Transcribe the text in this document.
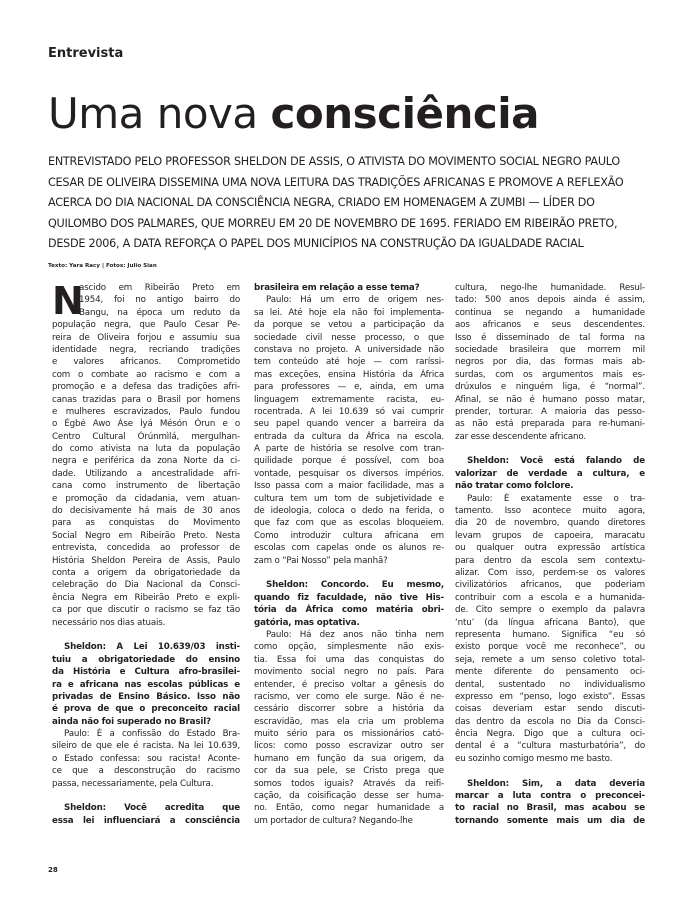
Entrevista
Uma nova consciência
ENTREVISTADO PELO PROFESSOR SHELDON DE ASSIS, O ATIVISTA DO MOVIMENTO SOCIAL NEGRO PAULO
CESAR DE OLIVEIRA DISSEMINA UMA NOVA LEITURA DAS TRADIÇÕES AFRICANAS E PROMOVE A REFLEXÃO
ACERCA DO DIA NACIONAL DA CONSCIÊNCIA NEGRA, CRIADO EM HOMENAGEM A ZUMBI — LÍDER DO
QUILOMBO DOS PALMARES, QUE MORREU EM 20 DE NOVEMBRO DE 1695. FERIADO EM RIBEIRÃO PRETO,
DESDE 2006, A DATA REFORÇA O PAPEL DOS MUNICÍPIOS NA CONSTRUÇÃO DA IGUALDADE RACIAL
Texto: Yara Racy | Fotos: Julio Sian
N
ascido em Ribeirão Preto em
1954, foi no antigo bairro do
Bangu, na época um reduto da
população negra, que Paulo Cesar Pe-
reira de Oliveira forjou e assumiu sua
identidade negra, recriando tradições
e valores africanos. Comprometido
com o combate ao racismo e com a
promoção e a defesa das tradições afri-
canas trazidas para o Brasil por homens
e mulheres escravizados, Paulo fundou
o Ègbé Awo Àse Ìyá Mésón Òrun e o
Centro Cultural Òrúnmìlá, mergulhan-
do como ativista na luta da população
negra e periférica da zona Norte da ci-
dade. Utilizando a ancestralidade afri-
cana como instrumento de libertação
e promoção da cidadania, vem atuan-
do decisivamente há mais de 30 anos
para as conquistas do Movimento
Social Negro em Ribeirão Preto. Nesta
entrevista, concedida ao professor de
História Sheldon Pereira de Assis, Paulo
conta a origem da obrigatoriedade da
celebração do Dia Nacional da Consci-
ência Negra em Ribeirão Preto e expli-
ca por que discutir o racismo se faz tão
necessário nos dias atuais.
Sheldon: A Lei 10.639/03 insti-
tuiu a obrigatoriedade do ensino
da História e Cultura afro-brasilei-
ra e africana nas escolas públicas e
privadas de Ensino Básico. Isso não
é prova de que o preconceito racial
ainda não foi superado no Brasil?
Paulo: É a confissão do Estado Bra-
sileiro de que ele é racista. Na lei 10.639,
o Estado confessa: sou racista! Aconte-
ce que a desconstrução do racismo
passa, necessariamente, pela Cultura.
Sheldon: Você acredita que
essa lei influenciará a consciência
brasileira em relação a esse tema?
Paulo: Há um erro de origem nes-
sa lei. Até hoje ela não foi implementa-
da porque se vetou a participação da
sociedade civil nesse processo, o que
constava no projeto. A universidade não
tem conteúdo até hoje — com raríssi-
mas exceções, ensina História da África
para professores — e, ainda, em uma
linguagem extremamente racista, eu-
rocentrada. A lei 10.639 só vai cumprir
seu papel quando vencer a barreira da
entrada da cultura da África na escola.
A parte de história se resolve com tran-
quilidade porque é possível, com boa
vontade, pesquisar os diversos impérios.
Isso passa com a maior facilidade, mas a
cultura tem um tom de subjetividade e
de ideologia, coloca o dedo na ferida, o
que faz com que as escolas bloqueiem.
Como introduzir cultura africana em
escolas com capelas onde os alunos re-
zam o “Pai Nosso” pela manhã?
Sheldon: Concordo. Eu mesmo,
quando fiz faculdade, não tive His-
tória da África como matéria obri-
gatória, mas optativa.
Paulo: Há dez anos não tinha nem
como opção, simplesmente não exis-
tia. Essa foi uma das conquistas do
movimento social negro no país. Para
entender, é preciso voltar a gênesis do
racismo, ver como ele surge. Não é ne-
cessário discorrer sobre a história da
escravidão, mas ela cria um problema
muito sério para os missionários cató-
licos: como posso escravizar outro ser
humano em função da sua origem, da
cor da sua pele, se Cristo prega que
somos todos iguais? Através da reifi-
cação, da coisificação desse ser huma-
no. Então, como negar humanidade a
um portador de cultura? Negando-lhe
cultura, nego-lhe humanidade. Resul-
tado: 500 anos depois ainda é assim,
continua se negando a humanidade
aos africanos e seus descendentes.
Isso é disseminado de tal forma na
sociedade brasileira que morrem mil
negros por dia, das formas mais ab-
surdas, com os argumentos mais es-
drúxulos e ninguém liga, é “normal”.
Afinal, se não é humano posso matar,
prender, torturar. A maioria das pesso-
as não está preparada para re-humani-
zar esse descendente africano.
Sheldon: Você está falando de
valorizar de verdade a cultura, e
não tratar como folclore.
Paulo: É exatamente esse o tra-
tamento. Isso acontece muito agora,
dia 20 de novembro, quando diretores
levam grupos de capoeira, maracatu
ou qualquer outra expressão artística
para dentro da escola sem contextu-
alizar. Com isso, perdem-se os valores
civilizatórios africanos, que poderiam
contribuir com a escola e a humanida-
de. Cito sempre o exemplo da palavra
‘ntu’ (da língua africana Banto), que
representa humano. Significa “eu só
existo porque você me reconhece”, ou
seja, remete a um senso coletivo total-
mente diferente do pensamento oci-
dental, sustentado no individualismo
expresso em “penso, logo existo”. Essas
coisas deveriam estar sendo discuti-
das dentro da escola no Dia da Consci-
ência Negra. Digo que a cultura oci-
dental é a “cultura masturbatória”, do
eu sozinho comigo mesmo me basto.
Sheldon: Sim, a data deveria
marcar a luta contra o preconcei-
to racial no Brasil, mas acabou se
tornando somente mais um dia de
28
